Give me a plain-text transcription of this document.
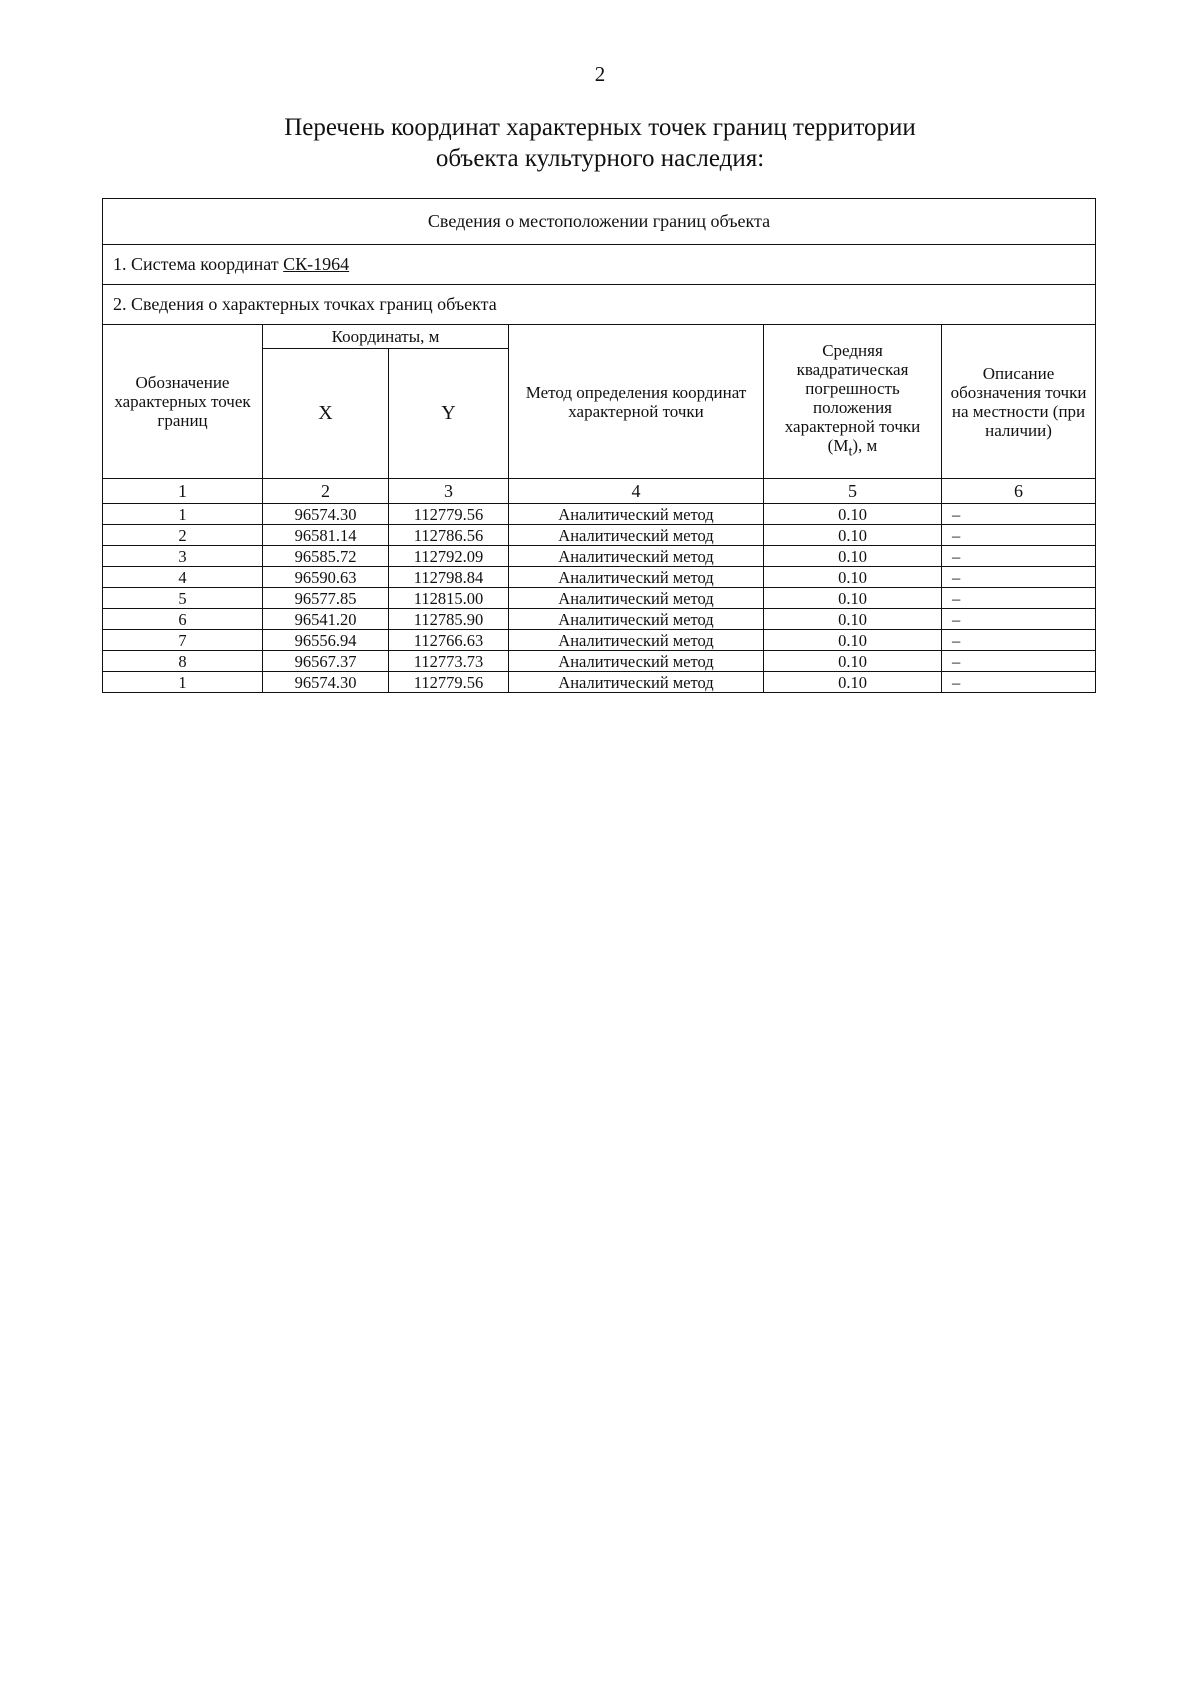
2
Перечень координат характерных точек границ территории
объекта культурного наследия:
Сведения о местоположении границ объекта					
1. Система координат СК-1964					
2. Сведения о характерных точках границ объекта					
Обозначение характерных точек границ	Координаты, м		Метод определения координат характерной точки	Средняя квадратическая погрешность положения характерной точки $(M_t)$, м	Описание обозначения точки на местности (при наличии)
	X	Y			
1	2	3	4	5	6
1	96574.30	112779.56	Аналитический метод	0.10	–
2	96581.14	112786.56	Аналитический метод	0.10	–
3	96585.72	112792.09	Аналитический метод	0.10	–
4	96590.63	112798.84	Аналитический метод	0.10	–
5	96577.85	112815.00	Аналитический метод	0.10	–
6	96541.20	112785.90	Аналитический метод	0.10	–
7	96556.94	112766.63	Аналитический метод	0.10	–
8	96567.37	112773.73	Аналитический метод	0.10	–
1	96574.30	112779.56	Аналитический метод	0.10	–
